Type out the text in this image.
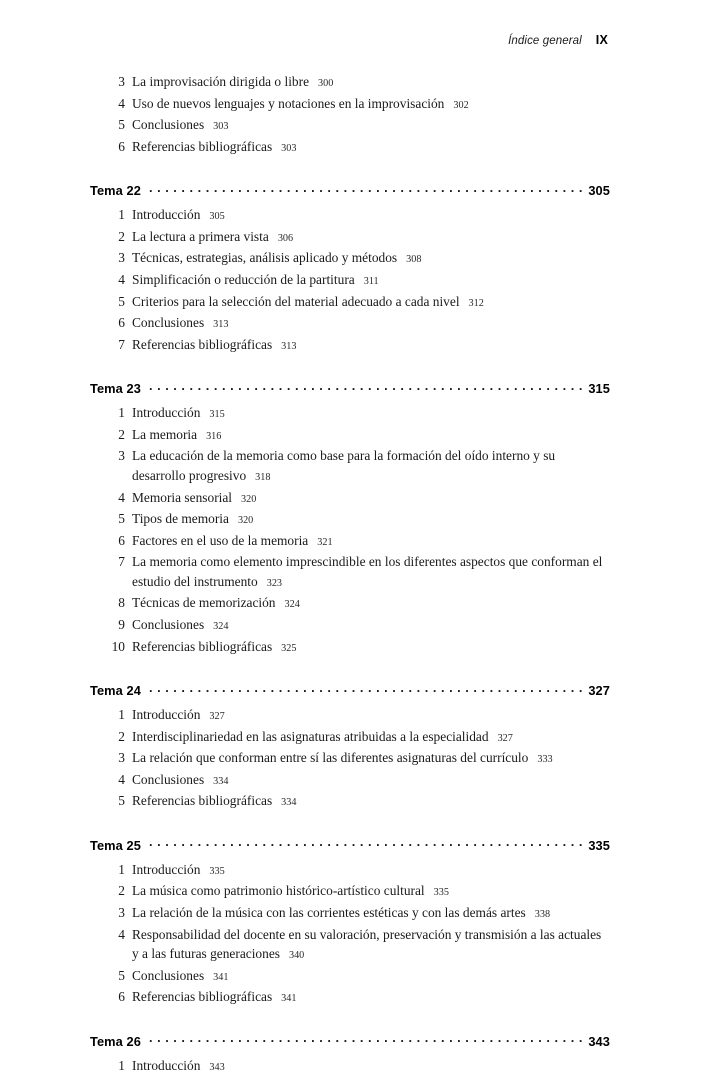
Índice general IX
3 La improvisación dirigida o libre 300
4 Uso de nuevos lenguajes y notaciones en la improvisación 302
5 Conclusiones 303
6 Referencias bibliográficas 303
Tema 22 . . .	305
1 Introducción 305
2 La lectura a primera vista 306
3 Técnicas, estrategias, análisis aplicado y métodos 308
4 Simplificación o reducción de la partitura 311
5 Criterios para la selección del material adecuado a cada nivel 312
6 Conclusiones 313
7 Referencias bibliográficas 313
Tema 23 . . .	315
1 Introducción 315
2 La memoria 316
3 La educación de la memoria como base para la formación del oído interno y su desarrollo progresivo 318
4 Memoria sensorial 320
5 Tipos de memoria 320
6 Factores en el uso de la memoria 321
7 La memoria como elemento imprescindible en los diferentes aspectos que conforman el estudio del instrumento 323
8 Técnicas de memorización 324
9 Conclusiones 324
10 Referencias bibliográficas 325
Tema 24 . . .	327
1 Introducción 327
2 Interdisciplinariedad en las asignaturas atribuidas a la especialidad 327
3 La relación que conforman entre sí las diferentes asignaturas del currículo 333
4 Conclusiones 334
5 Referencias bibliográficas 334
Tema 25 . . .	335
1 Introducción 335
2 La música como patrimonio histórico-artístico cultural 335
3 La relación de la música con las corrientes estéticas y con las demás artes 338
4 Responsabilidad del docente en su valoración, preservación y transmisión a las actuales y a las futuras generaciones 340
5 Conclusiones 341
6 Referencias bibliográficas 341
Tema 26 . . .	343
1 Introducción 343
